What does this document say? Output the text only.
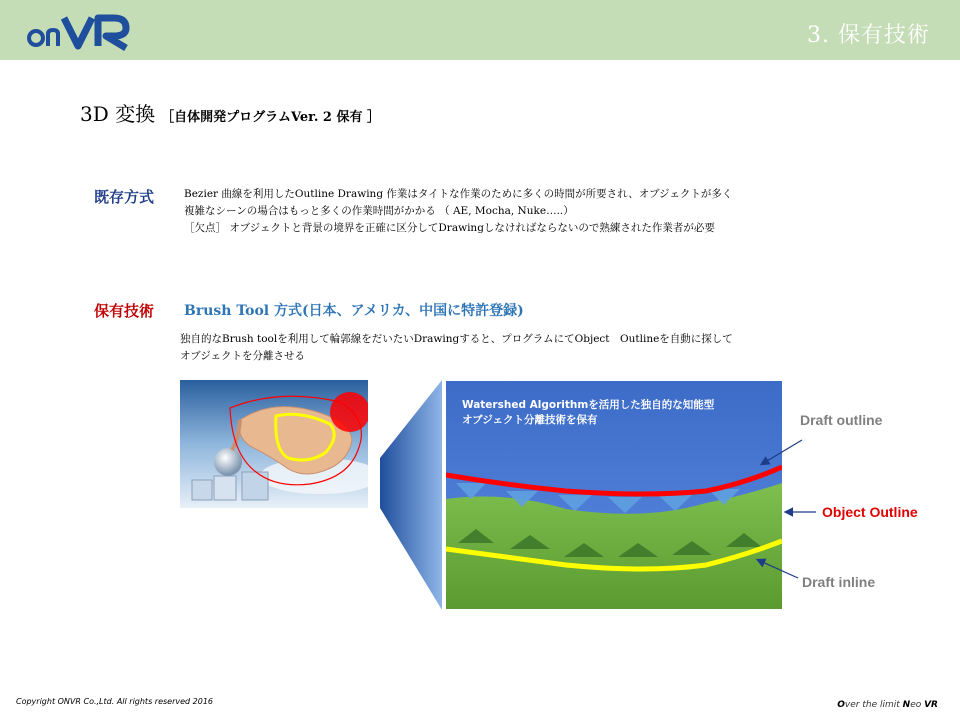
3. 保有技術
3D 変換 ［自体開発プログラムVer. 2 保有 ］
既存方式	Bezier 曲線を利用したOutline Drawing 作業はタイトな作業のために多くの時間が所要され、オブジェクトが多く
複雑なシーンの場合はもっと多くの作業時間がかかる （ AE, Mocha, Nuke…..）
［欠点］ オブジェクトと背景の境界を正確に区分してDrawingしなければならないので熟練された作業者が必要
保有技術 Brush Tool 方式(日本、アメリカ、中国に特許登録)
独自的なBrush toolを利用して輪郭線をだいたいDrawingすると、プログラムにてObject　Outlineを自動に探して
オブジェクトを分離させる
Watershed Algorithmを活用した独自的な知能型
オブジェクト分離技術を保有	Draft outline
Object Outline
Draft inline
Copyright ONVR Co.,Ltd. All rights reserved 2016	Over the limit Neo VR
